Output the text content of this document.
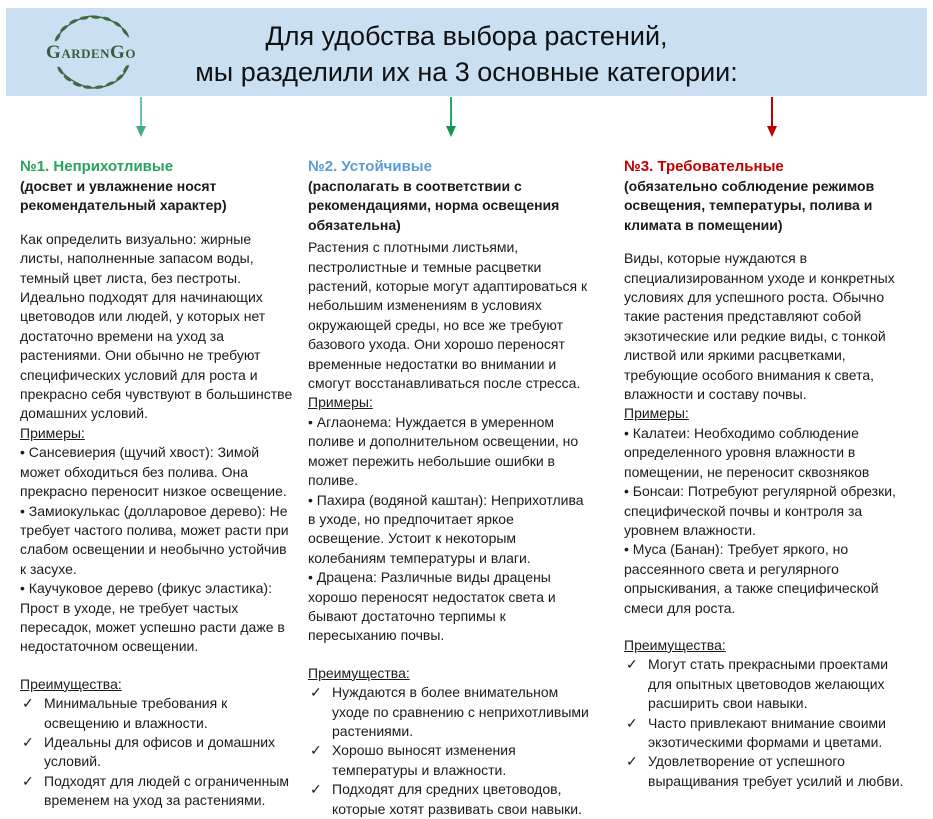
GardenGo
Для удобства выбора растений,
мы разделили их на 3 основные категории:

№1. Неприхотливые

(досвет и увлажнение носят рекомендательный характер)

Как определить визуально: жирные листы, наполненные запасом воды, темный цвет листа, без пестроты. Идеально подходят для начинающих цветоводов или людей, у которых нет достаточно времени на уход за растениями. Они обычно не требуют специфических условий для роста и прекрасно себя чувствуют в большинстве домашних условий.

Примеры:

• Сансевиерия (щучий хвост): Зимой может обходиться без полива. Она прекрасно переносит низкое освещение.

• Замиокулькас (долларовое дерево): Не требует частого полива, может расти при слабом освещении и необычно устойчив к засухе.

• Каучуковое дерево (фикус эластика): Прост в уходе, не требует частых пересадок, может успешно расти даже в недостаточном освещении.

Преимущества:

✓ Минимальные требования к освещению и влажности.
✓ Идеальны для офисов и домашних условий.
✓ Подходят для людей с ограниченным временем на уход за растениями.

№2. Устойчивые

(располагать в соответствии с рекомендациями, норма освещения обязательна)

Растения с плотными листьями, пестролистные и темные расцветки растений, которые могут адаптироваться к небольшим изменениям в условиях окружающей среды, но все же требуют базового ухода. Они хорошо переносят временные недостатки во внимании и смогут восстанавливаться после стресса.

Примеры:

• Аглаонема: Нуждается в умеренном поливе и дополнительном освещении, но может пережить небольшие ошибки в поливе.

• Пахира (водяной каштан): Неприхотлива в уходе, но предпочитает яркое освещение. Устоит к некоторым колебаниям температуры и влаги.

• Драцена: Различные виды драцены хорошо переносят недостаток света и бывают достаточно терпимы к пересыханию почвы.

Преимущества:

✓ Нуждаются в более внимательном уходе по сравнению с неприхотливыми растениями.
✓ Хорошо выносят изменения температуры и влажности.
✓ Подходят для средних цветоводов, которые хотят развивать свои навыки.

№3. Требовательные

(обязательно соблюдение режимов освещения, температуры, полива и климата в помещении)

Виды, которые нуждаются в специализированном уходе и конкретных условиях для успешного роста. Обычно такие растения представляют собой экзотические или редкие виды, с тонкой листвой или яркими расцветками, требующие особого внимания к света, влажности и составу почвы.

Примеры:

• Калатеи: Необходимо соблюдение определенного уровня влажности в помещении, не переносит сквозняков

• Бонсаи: Потребуют регулярной обрезки, специфической почвы и контроля за уровнем влажности.

• Муса (Банан): Требует яркого, но рассеянного света и регулярного опрыскивания, а также специфической смеси для роста.

Преимущества:

✓ Могут стать прекрасными проектами для опытных цветоводов желающих расширить свои навыки.
✓ Часто привлекают внимание своими экзотическими формами и цветами.
✓ Удовлетворение от успешного выращивания требует усилий и любви.
